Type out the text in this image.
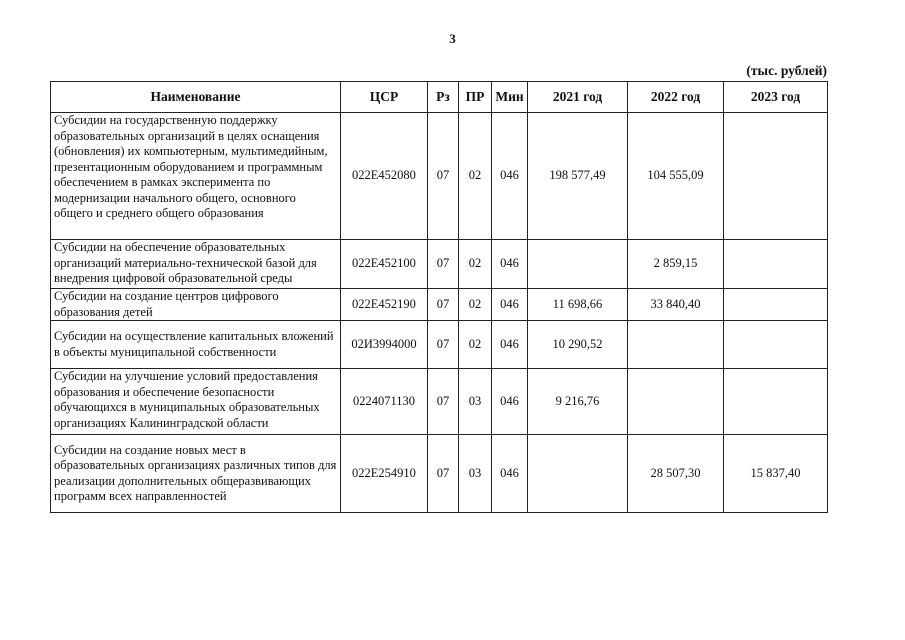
3
(тыс. рублей)
Наименование	ЦСР	Рз	ПР	Мин	2021 год	2022 год	2023 год
Субсидии на государственную поддержку образовательных организаций в целях оснащения (обновления) их компьютерным, мультимедийным, презентационным оборудованием и программным обеспечением в рамках эксперимента по модернизации начального общего, основного общего и среднего общего образования	022E452080	07	02	046	198 577,49	104 555,09	
Субсидии на обеспечение образовательных организаций материально-технической базой для внедрения цифровой образовательной среды	022E452100	07	02	046		2 859,15	
Субсидии на создание центров цифрового образования детей	022E452190	07	02	046	11 698,66	33 840,40	
Субсидии на осуществление капитальных вложений в объекты муниципальной собственности	02И3994000	07	02	046	10 290,52		
Субсидии на улучшение условий предоставления образования и обеспечение безопасности обучающихся в муниципальных образовательных организациях Калининградской области	0224071130	07	03	046	9 216,76		
Субсидии на создание новых мест в образовательных организациях различных типов для реализации дополнительных общеразвивающих программ всех направленностей	022E254910	07	03	046		28 507,30	15 837,40
